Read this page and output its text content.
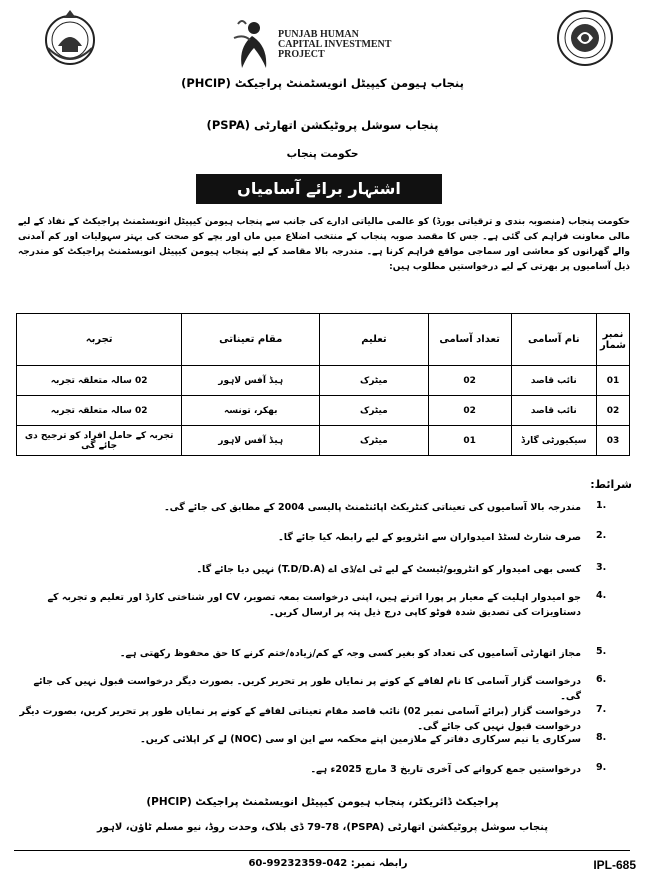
PUNJAB HUMAN
CAPITAL INVESTMENT
PROJECT
پنجاب ہیومن کیپیٹل انویسٹمنٹ پراجیکٹ (PHCIP)
پنجاب سوشل پروٹیکشن اتھارٹی (PSPA)
حکومت پنجاب
اشتہار برائے آسامیاں

حکومت پنجاب (منصوبہ بندی و ترقیاتی بورڈ) کو عالمی مالیاتی ادارے کی جانب سے پنجاب ہیومن کیپیٹل انویسٹمنٹ پراجیکٹ کے نفاذ کے لیے مالی معاونت فراہم کی گئی ہے۔ جس کا مقصد صوبہ پنجاب کے منتخب اضلاع میں ماں اور بچے کو صحت کی بہتر سہولیات اور کم آمدنی والے گھرانوں کو معاشی اور سماجی مواقع فراہم کرنا ہے۔ مندرجہ بالا مقاصد کے لیے پنجاب ہیومن کیپیٹل انویسٹمنٹ پراجیکٹ کو مندرجہ ذیل آسامیوں پر بھرتی کے لیے درخواستیں مطلوب ہیں:

نمبر شمار	نام آسامی	تعداد آسامی	تعلیم	مقام تعیناتی	تجربہ
01	نائب قاصد	02	میٹرک	ہیڈ آفس لاہور	02 سالہ متعلقہ تجربہ
02	نائب قاصد	02	میٹرک	بھکر، تونسہ	02 سالہ متعلقہ تجربہ
03	سیکیورٹی گارڈ	01	میٹرک	ہیڈ آفس لاہور	تجربہ کے حامل افراد کو ترجیح دی جائے گی
شرائط:
1.
مندرجہ بالا آسامیوں کی تعیناتی کنٹریکٹ اپائنٹمنٹ پالیسی 2004 کے مطابق کی جائے گی۔
2.
صرف شارٹ لسٹڈ امیدواران سے انٹرویو کے لیے رابطہ کیا جائے گا۔
3.
کسی بھی امیدوار کو انٹرویو/ٹیسٹ کے لیے ٹی اے/ڈی اے (T.D/D.A) نہیں دیا جائے گا۔
4.
جو امیدوار اہلیت کے معیار پر پورا اترتے ہیں، اپنی درخواست بمعہ تصویر، CV اور شناختی کارڈ اور تعلیم و تجربہ کے دستاویزات کی تصدیق شدہ فوٹو کاپی درج ذیل پتہ پر ارسال کریں۔
5.
مجاز اتھارٹی آسامیوں کی تعداد کو بغیر کسی وجہ کے کم/زیادہ/ختم کرنے کا حق محفوظ رکھتی ہے۔
6.
درخواست گزار آسامی کا نام لفافے کے کونے پر نمایاں طور پر تحریر کریں۔ بصورت دیگر درخواست قبول نہیں کی جائے گی۔
7.
درخواست گزار (برائے آسامی نمبر 02) نائب قاصد مقام تعیناتی لفافے کے کونے پر نمایاں طور پر تحریر کریں، بصورت دیگر درخواست قبول نہیں کی جائے گی۔
8.
سرکاری یا نیم سرکاری دفاتر کے ملازمین اپنے محکمہ سے این او سی (NOC) لے کر اپلائی کریں۔
9.
درخواستیں جمع کروانے کی آخری تاریخ 3 مارچ 2025ء ہے۔
پراجیکٹ ڈائریکٹر، پنجاب ہیومن کیپیٹل انویسٹمنٹ پراجیکٹ (PHCIP)
پنجاب سوشل پروٹیکشن اتھارٹی (PSPA)، 79-78 ڈی بلاک، وحدت روڈ، نیو مسلم ٹاؤن، لاہور
رابطہ نمبر: 042-99232359-60	IPL-685
